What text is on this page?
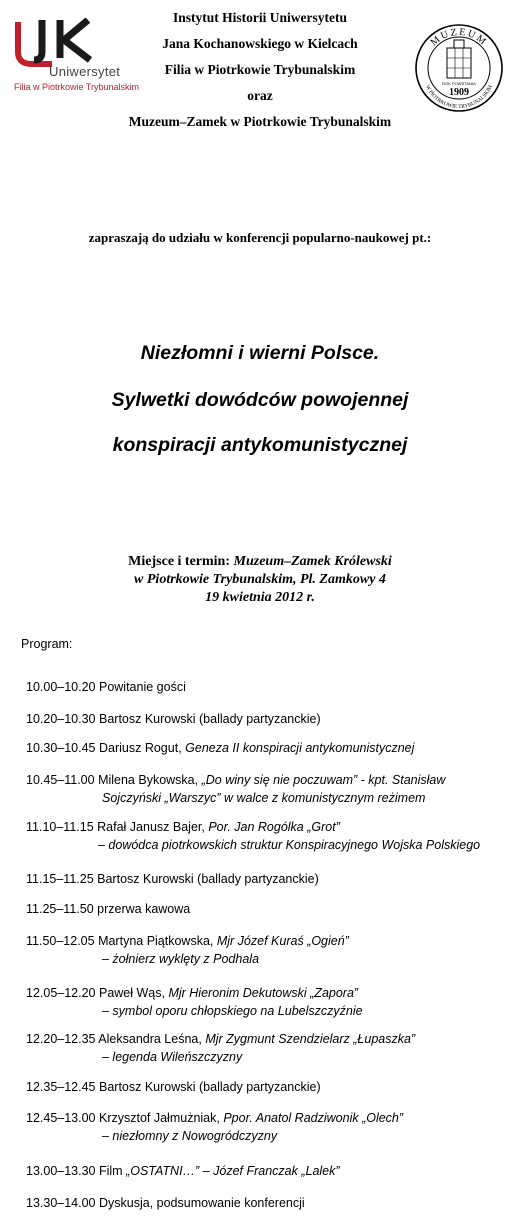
Uniwersytet
Filia w Piotrkowie Trybunalskim
MUZEUM
W PIOTRKOWIE TRYBUNALSKIM
ROK POWSTANIA
1909
Instytut Historii Uniwersytetu
Jana Kochanowskiego w Kielcach
Filia w Piotrkowie Trybunalskim
oraz
Muzeum–Zamek w Piotrkowie Trybunalskim
zapraszają do udziału w konferencji popularno-naukowej pt.:
Niezłomni i wierni Polsce.
Sylwetki dowódców powojennej
konspiracji antykomunistycznej
Miejsce i termin: Muzeum–Zamek Królewski
w Piotrkowie Trybunalskim, Pl. Zamkowy 4
19 kwietnia 2012 r.
Program:
10.00–10.20 Powitanie gości
10.20–10.30 Bartosz Kurowski (ballady partyzanckie)
10.30–10.45 Dariusz Rogut, Geneza II konspiracji antykomunistycznej
10.45–11.00 Milena Bykowska, „Do winy się nie poczuwam” - kpt. Stanisław
Sojczyński „Warszyc” w walce z komunistycznym reżimem
11.10–11.15 Rafał Janusz Bajer, Por. Jan Rogólka „Grot”
– dowódca piotrkowskich struktur Konspiracyjnego Wojska Polskiego
11.15–11.25 Bartosz Kurowski (ballady partyzanckie)
11.25–11.50 przerwa kawowa
11.50–12.05 Martyna Piątkowska, Mjr Józef Kuraś „Ogień”
– żołnierz wyklęty z Podhala
12.05–12.20 Paweł Wąs, Mjr Hieronim Dekutowski „Zapora”
– symbol oporu chłopskiego na Lubelszczyźnie
12.20–12.35 Aleksandra Leśna, Mjr Zygmunt Szendzielarz „Łupaszka”
– legenda Wileńszczyzny
12.35–12.45 Bartosz Kurowski (ballady partyzanckie)
12.45–13.00 Krzysztof Jałmużniak, Ppor. Anatol Radziwonik „Olech”
– niezłomny z Nowogródczyzny
13.00–13.30 Film „OSTATNI…” – Józef Franczak „Lalek”
13.30–14.00 Dyskusja, podsumowanie konferencji
